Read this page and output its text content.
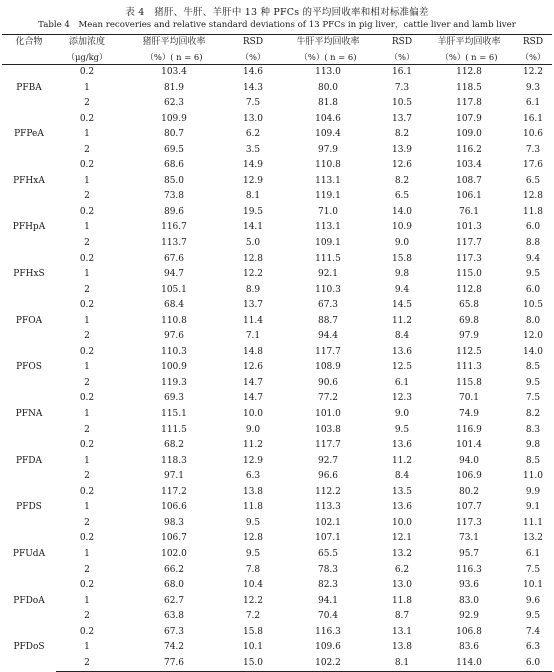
表 4　猪肝、牛肝、羊肝中 13 种 PFCs 的平均回收率和相对标准偏差
Table 4　Mean recoveries and relative standard deviations of 13 PFCs in pig liver，cattle liver and lamb liver
化合物	添加浓度	猪肝平均回收率	RSD	牛肝平均回收率	RSD	羊肝平均回收率	RSD
	（μg/kg）	（%）( n = 6)	（%）	（%）( n = 6)	（%）	（%）( n = 6)	（%）
PFBA	0.2	103.4	14.6	113.0	16.1	112.8	12.2
	1	81.9	14.3	80.0	7.3	118.5	9.3
	2	62.3	7.5	81.8	10.5	117.8	6.1
PFPeA	0.2	109.9	13.0	104.6	13.7	107.9	16.1
	1	80.7	6.2	109.4	8.2	109.0	10.6
	2	69.5	3.5	97.9	13.9	116.2	7.3
PFHxA	0.2	68.6	14.9	110.8	12.6	103.4	17.6
	1	85.0	12.9	113.1	8.2	108.7	6.5
	2	73.8	8.1	119.1	6.5	106.1	12.8
PFHpA	0.2	89.6	19.5	71.0	14.0	76.1	11.8
	1	116.7	14.1	113.1	10.9	101.3	6.0
	2	113.7	5.0	109.1	9.0	117.7	8.8
PFHxS	0.2	67.6	12.8	111.5	15.8	117.3	9.4
	1	94.7	12.2	92.1	9.8	115.0	9.5
	2	105.1	8.9	110.3	9.4	112.8	6.0
PFOA	0.2	68.4	13.7	67.3	14.5	65.8	10.5
	1	110.8	11.4	88.7	11.2	69.8	8.0
	2	97.6	7.1	94.4	8.4	97.9	12.0
PFOS	0.2	110.3	14.8	117.7	13.6	112.5	14.0
	1	100.9	12.6	108.9	12.5	111.3	8.5
	2	119.3	14.7	90.6	6.1	115.8	9.5
PFNA	0.2	69.3	14.7	77.2	12.3	70.1	7.5
	1	115.1	10.0	101.0	9.0	74.9	8.2
	2	111.5	9.0	103.8	9.5	116.9	8.3
PFDA	0.2	68.2	11.2	117.7	13.6	101.4	9.8
	1	118.3	12.9	92.7	11.2	94.0	8.5
	2	97.1	6.3	96.6	8.4	106.9	11.0
PFDS	0.2	117.2	13.8	112.2	13.5	80.2	9.9
	1	106.6	11.8	113.3	13.6	107.7	9.1
	2	98.3	9.5	102.1	10.0	117.3	11.1
PFUdA	0.2	106.7	12.8	107.1	12.1	73.1	13.2
	1	102.0	9.5	65.5	13.2	95.7	6.1
	2	66.2	7.8	78.3	6.2	116.3	7.5
PFDoA	0.2	68.0	10.4	82.3	13.0	93.6	10.1
	1	62.7	12.2	94.1	11.8	83.0	9.6
	2	63.8	7.2	70.4	8.7	92.9	9.5
PFDoS	0.2	67.3	15.8	116.3	13.1	106.8	7.4
	1	74.2	10.1	109.6	13.8	83.6	6.3
	2	77.6	15.0	102.2	8.1	114.0	6.0
